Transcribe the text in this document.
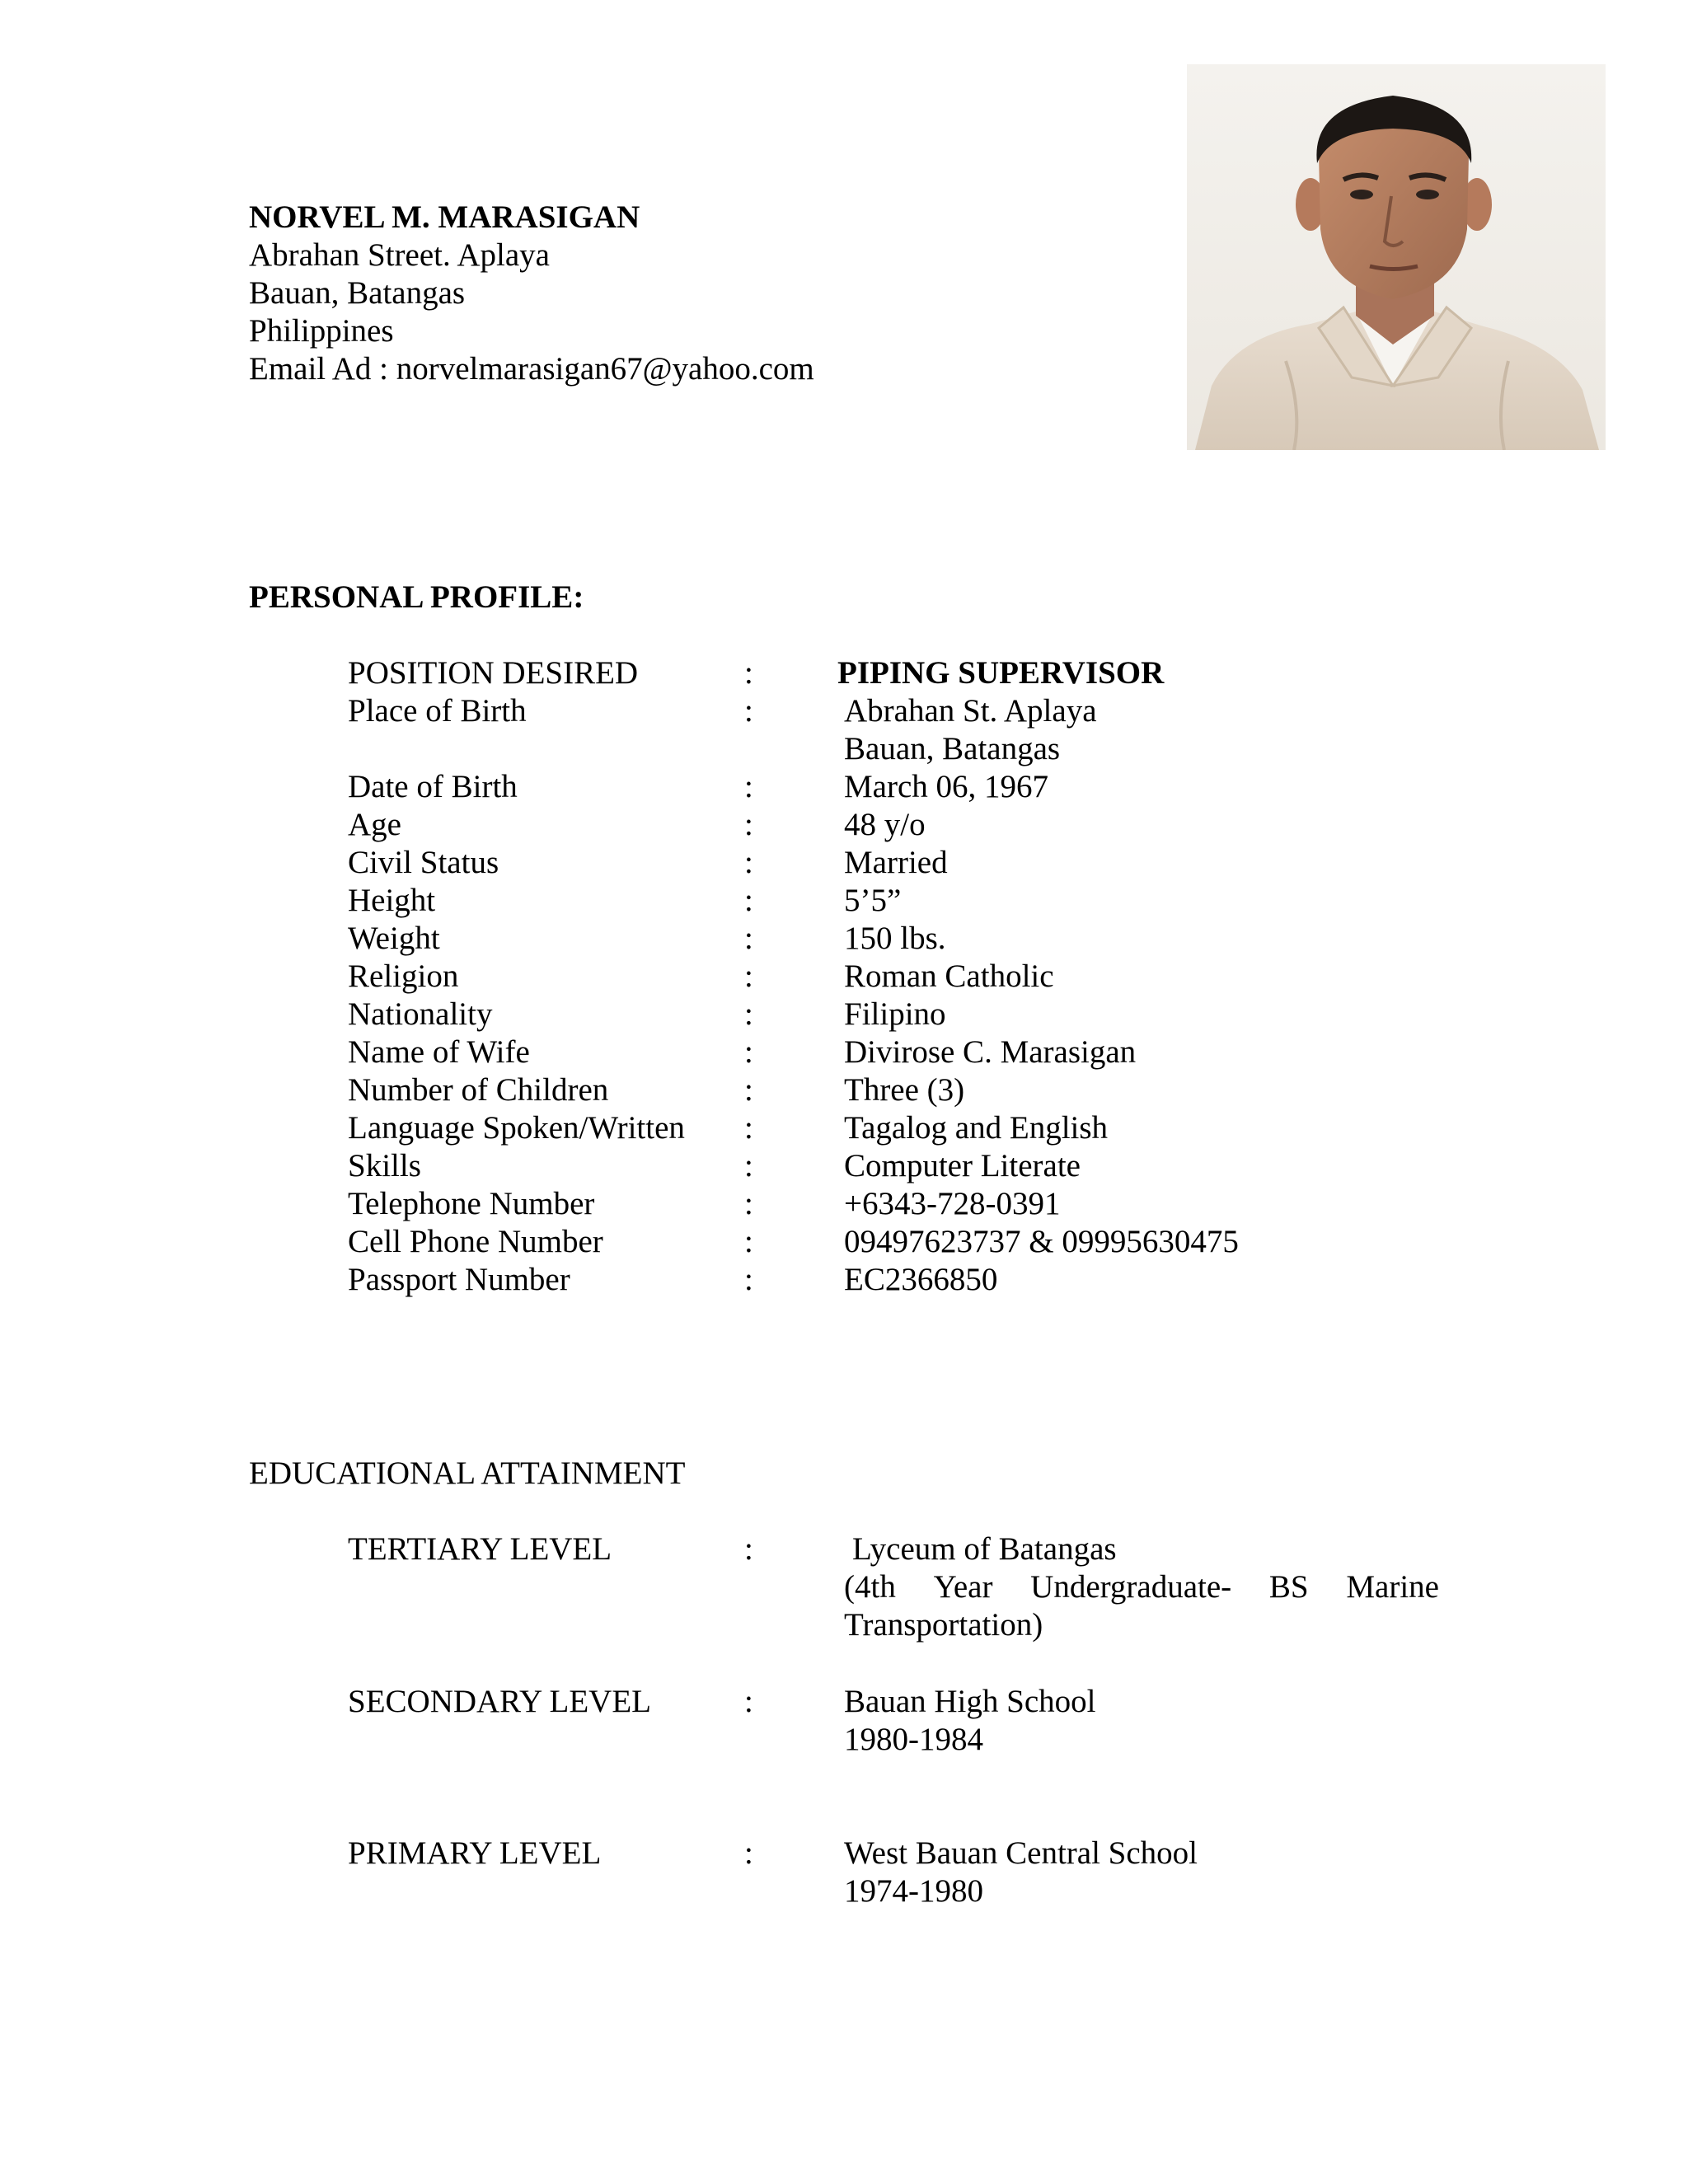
NORVEL M. MARASIGAN
Abrahan Street. Aplaya
Bauan, Batangas
Philippines
Email Ad : norvelmarasigan67@yahoo.com
PERSONAL PROFILE:
POSITION DESIRED	:	PIPING SUPERVISOR
Place of Birth	:	Abrahan St. Aplaya
Bauan, Batangas
Date of Birth	:	March 06, 1967
Age	:	48 y/o
Civil Status	:	Married
Height	:	5’5”
Weight	:	150 lbs.
Religion	:	Roman Catholic
Nationality	:	Filipino
Name of Wife	:	Divirose C. Marasigan
Number of Children	:	Three (3)
Language Spoken/Written :	Tagalog and English
Skills	:	Computer Literate
Telephone Number	:	+6343-728-0391
Cell Phone Number	:	09497623737 & 09995630475
Passport Number	:	EC2366850
EDUCATIONAL ATTAINMENT
TERTIARY LEVEL	:	Lyceum of Batangas
(4th Year Undergraduate- BS Marine
Transportation)
SECONDARY LEVEL	:	Bauan High School
1980-1984
PRIMARY LEVEL	:	West Bauan Central School
1974-1980
